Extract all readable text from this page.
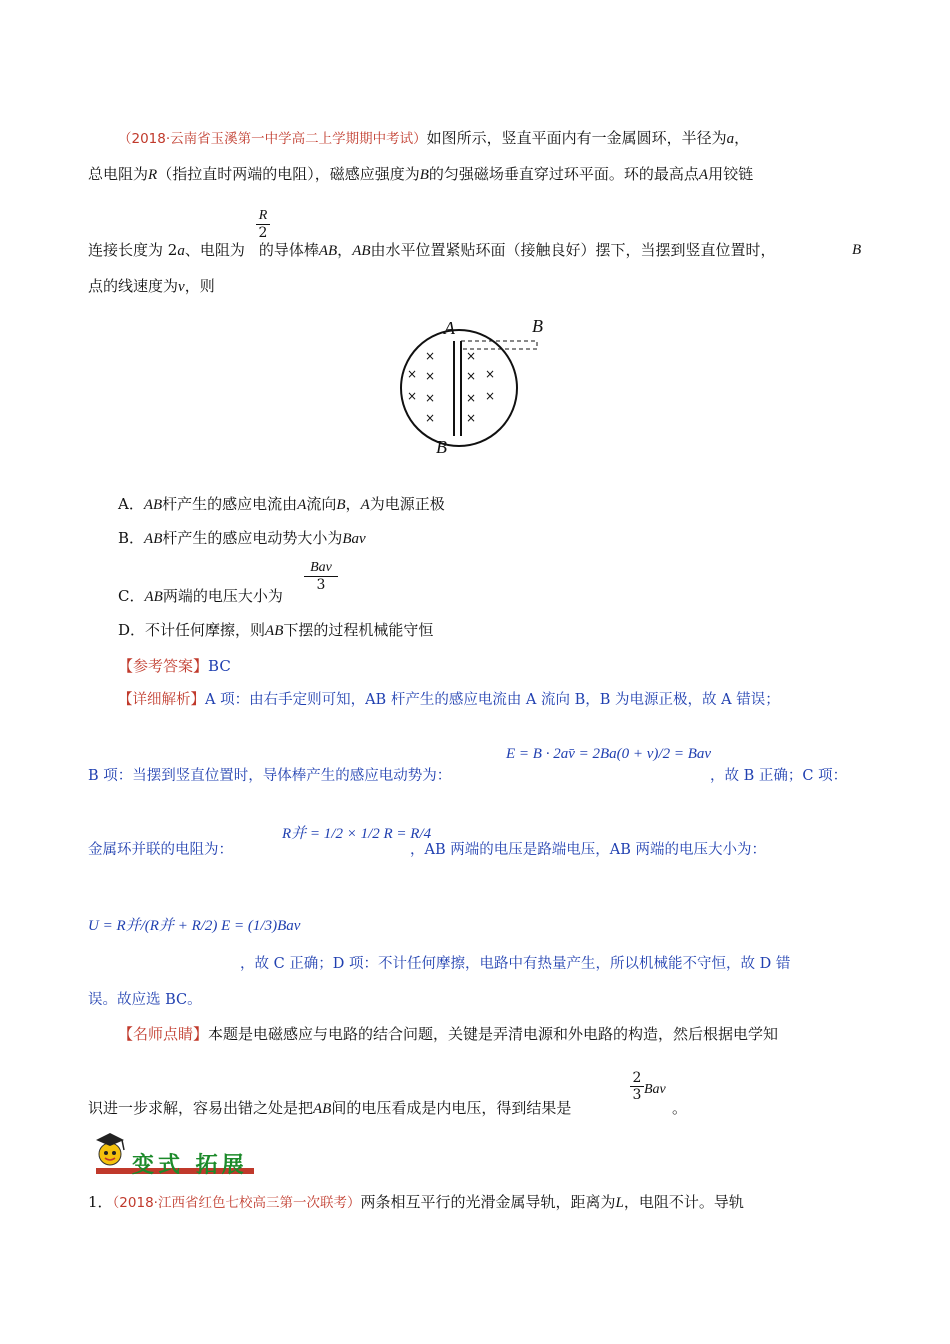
（2018·云南省玉溪第一中学高二上学期期中考试）如图所示，竖直平面内有一金属圆环，半径为a，
总电阻为R（指拉直时两端的电阻），磁感应强度为B的匀强磁场垂直穿过环平面。环的最高点A用铰链
R
2
连接长度为 2a、电阻为 的导体棒AB，AB由水平位置紧贴环面（接触良好）摆下，当摆到竖直位置时，	B
点的线速度为v，则
A	B
B
×
× ×
× ×
×
×
× ×
× ×
×
A．AB杆产生的感应电流由A流向B，A为电源正极
B．AB杆产生的感应电动势大小为Bav
Bav
3
C．AB两端的电压大小为
D．不计任何摩擦，则AB下摆的过程机械能守恒
【参考答案】BC
【详细解析】A 项：由右手定则可知，AB 杆产生的感应电流由 A 流向 B，B 为电源正极，故 A 错误；
E = B · 2av̄ = 2Ba(0 + v)/2 = Bav
B 项：当摆到竖直位置时，导体棒产生的感应电动势为：	，故 B 正确；C 项：
R并 = 1/2 × 1/2 R = R/4
金属环并联的电阻为：	，AB 两端的电压是路端电压，AB 两端的电压大小为：
U = R并/(R并 + R/2) E = (1/3)Bav
，故 C 正确；D 项：不计任何摩擦，电路中有热量产生，所以机械能不守恒，故 D 错
误。故应选 BC。
【名师点睛】本题是电磁感应与电路的结合问题，关键是弄清电源和外电路的构造，然后根据电学知
2
3 Bav
识进一步求解，容易出错之处是把AB间的电压看成是内电压，得到结果是	。
变式 拓展
1．（2018·江西省红色七校高三第一次联考）两条相互平行的光滑金属导轨，距离为L，电阻不计。导轨
